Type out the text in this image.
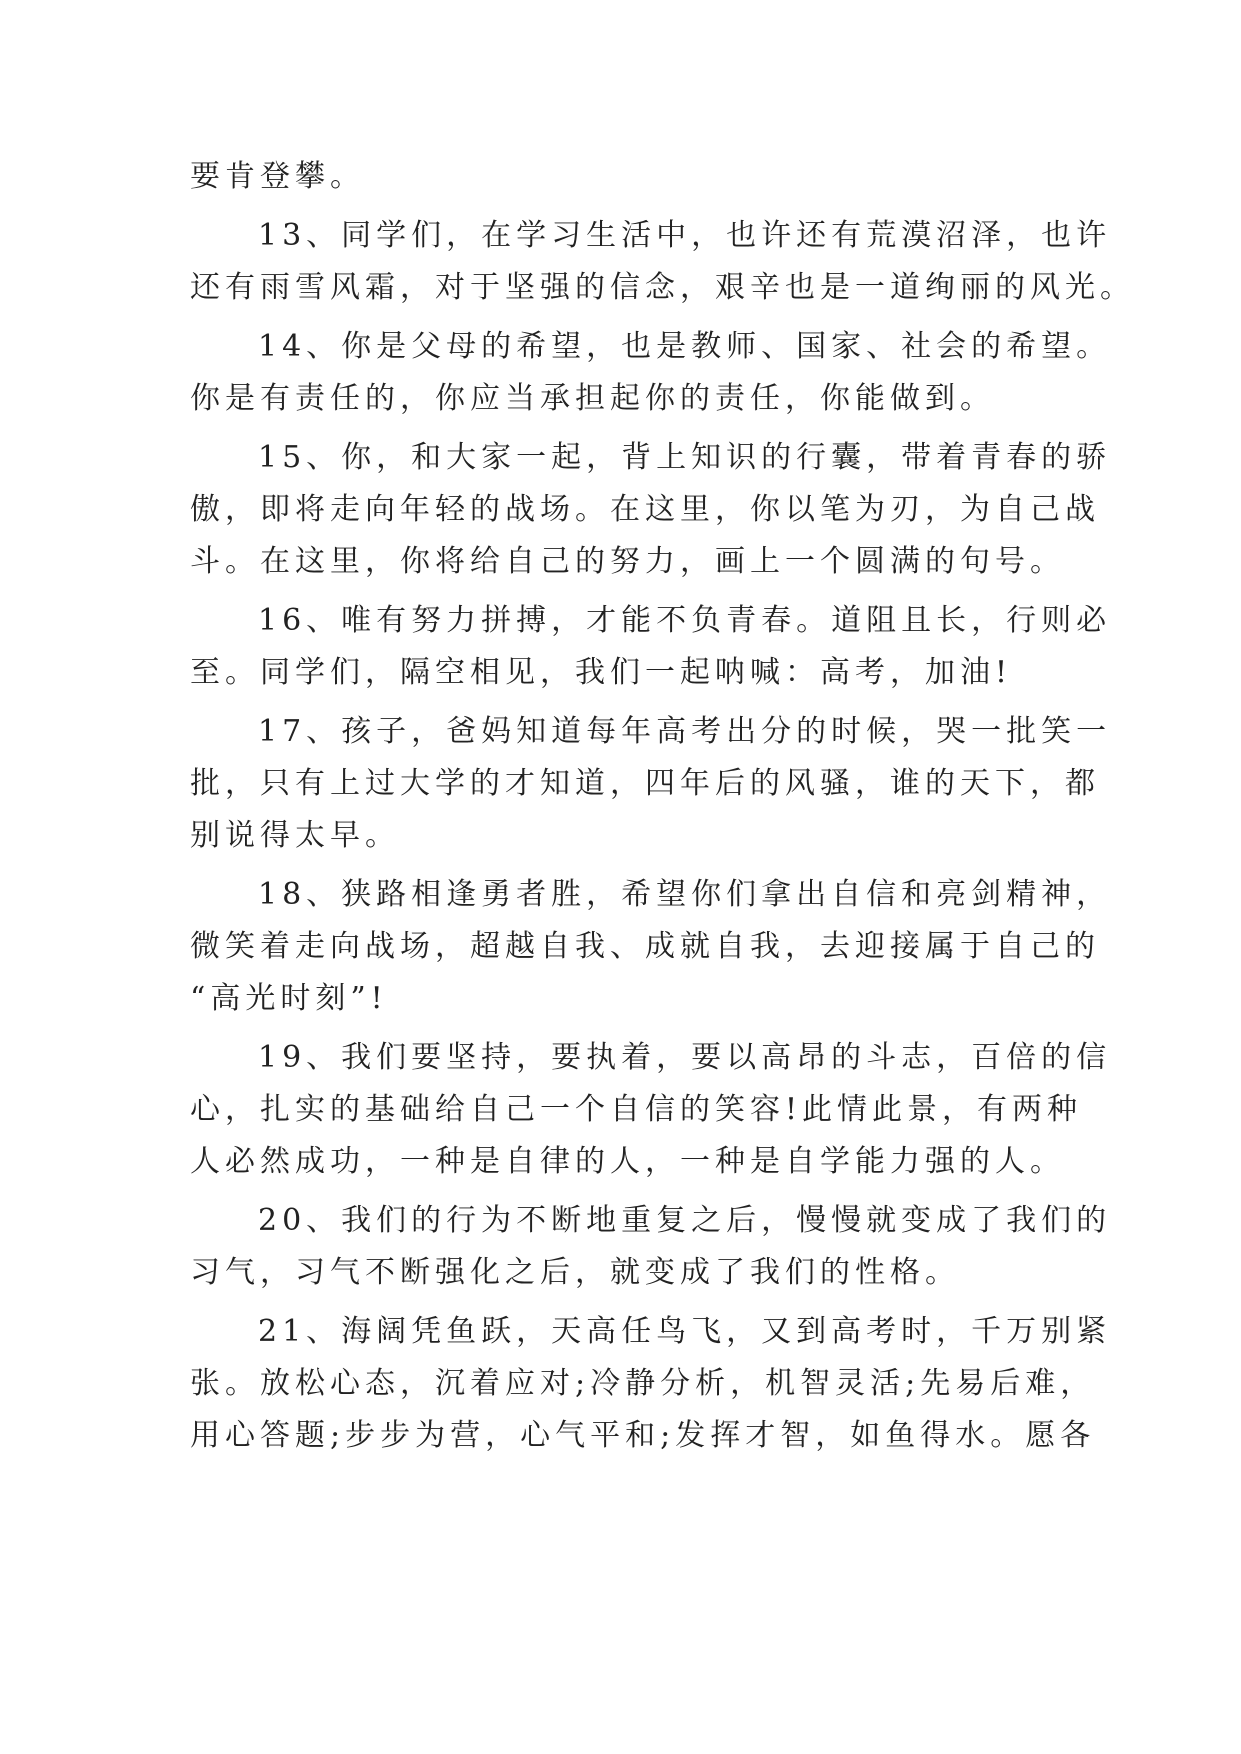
要肯登攀。
13、同学们，在学习生活中，也许还有荒漠沼泽，也许
还有雨雪风霜，对于坚强的信念，艰辛也是一道绚丽的风光。
14、你是父母的希望，也是教师、国家、社会的希望。
你是有责任的，你应当承担起你的责任，你能做到。
15、你，和大家一起，背上知识的行囊，带着青春的骄
傲，即将走向年轻的战场。在这里，你以笔为刃，为自己战
斗。在这里，你将给自己的努力，画上一个圆满的句号。
16、唯有努力拼搏，才能不负青春。道阻且长，行则必
至。同学们，隔空相见，我们一起呐喊：高考，加油!
17、孩子，爸妈知道每年高考出分的时候，哭一批笑一
批，只有上过大学的才知道，四年后的风骚，谁的天下，都
别说得太早。
18、狭路相逢勇者胜，希望你们拿出自信和亮剑精神，
微笑着走向战场，超越自我、成就自我，去迎接属于自己的
“高光时刻”!
19、我们要坚持，要执着，要以高昂的斗志，百倍的信
心，扎实的基础给自己一个自信的笑容!此情此景，有两种
人必然成功，一种是自律的人，一种是自学能力强的人。
20、我们的行为不断地重复之后，慢慢就变成了我们的
习气，习气不断强化之后，就变成了我们的性格。
21、海阔凭鱼跃，天高任鸟飞，又到高考时，千万别紧
张。放松心态，沉着应对;冷静分析，机智灵活;先易后难，
用心答题;步步为营，心气平和;发挥才智，如鱼得水。愿各
